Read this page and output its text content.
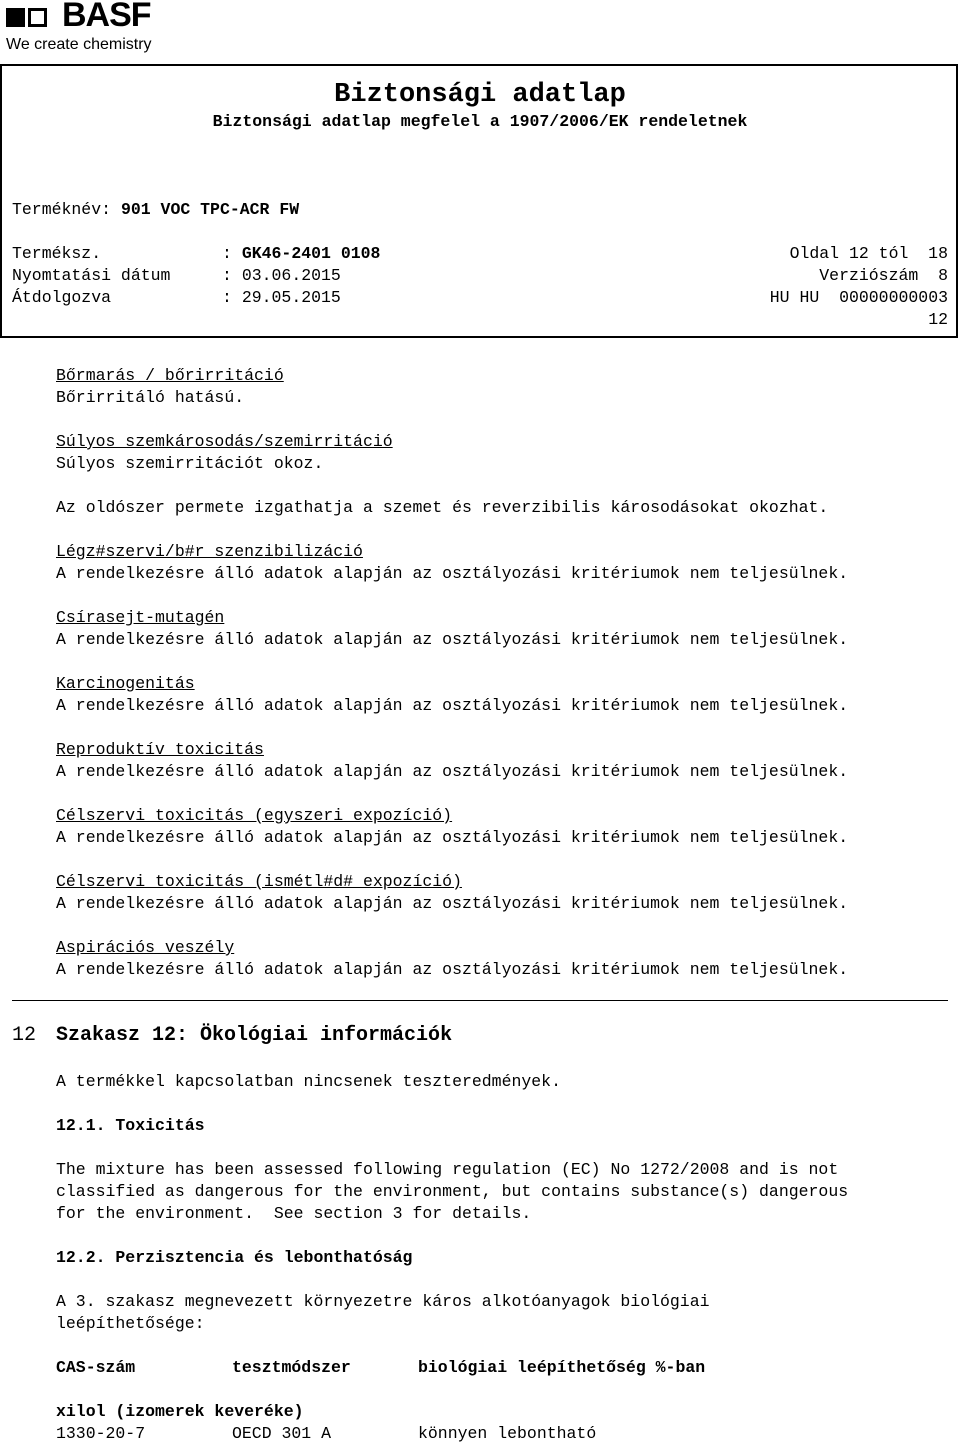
BASF
We create chemistry
Biztonsági adatlap
Biztonsági adatlap megfelel a 1907/2006/EK rendeletnek
Terméknév: 901 VOC TPC-ACR FW
Terméksz.	: GK46-2401 0108	Oldal 12 tól  18
Nyomtatási dátum	: 03.06.2015	Verziószám  8
Átdolgozva	: 29.05.2015	HU HU  00000000003
12
Bőrmarás / bőrirritáció
Bőrirritáló hatású.
Súlyos szemkárosodás/szemirritáció
Súlyos szemirritációt okoz.
Az oldószer permete izgathatja a szemet és reverzibilis károsodásokat okozhat.
Légz#szervi/b#r szenzibilizáció
A rendelkezésre álló adatok alapján az osztályozási kritériumok nem teljesülnek.
Csírasejt-mutagén
A rendelkezésre álló adatok alapján az osztályozási kritériumok nem teljesülnek.
Karcinogenitás
A rendelkezésre álló adatok alapján az osztályozási kritériumok nem teljesülnek.
Reproduktív toxicitás
A rendelkezésre álló adatok alapján az osztályozási kritériumok nem teljesülnek.
Célszervi toxicitás (egyszeri expozíció)
A rendelkezésre álló adatok alapján az osztályozási kritériumok nem teljesülnek.
Célszervi toxicitás (ismétl#d# expozíció)
A rendelkezésre álló adatok alapján az osztályozási kritériumok nem teljesülnek.
Aspirációs veszély
A rendelkezésre álló adatok alapján az osztályozási kritériumok nem teljesülnek.
12 Szakasz 12: Ökológiai információk
A termékkel kapcsolatban nincsenek teszteredmények.
12.1. Toxicitás
The mixture has been assessed following regulation (EC) No 1272/2008 and is not
classified as dangerous for the environment, but contains substance(s) dangerous
for the environment.  See section 3 for details.
12.2. Perzisztencia és lebonthatóság
A 3. szakasz megnevezett környezetre káros alkotóanyagok biológiai
leépíthetősége:
CAS-szám	tesztmódszer	biológiai leépíthetőség %-ban
xilol (izomerek keveréke)
1330-20-7	OECD 301 A	könnyen lebontható
